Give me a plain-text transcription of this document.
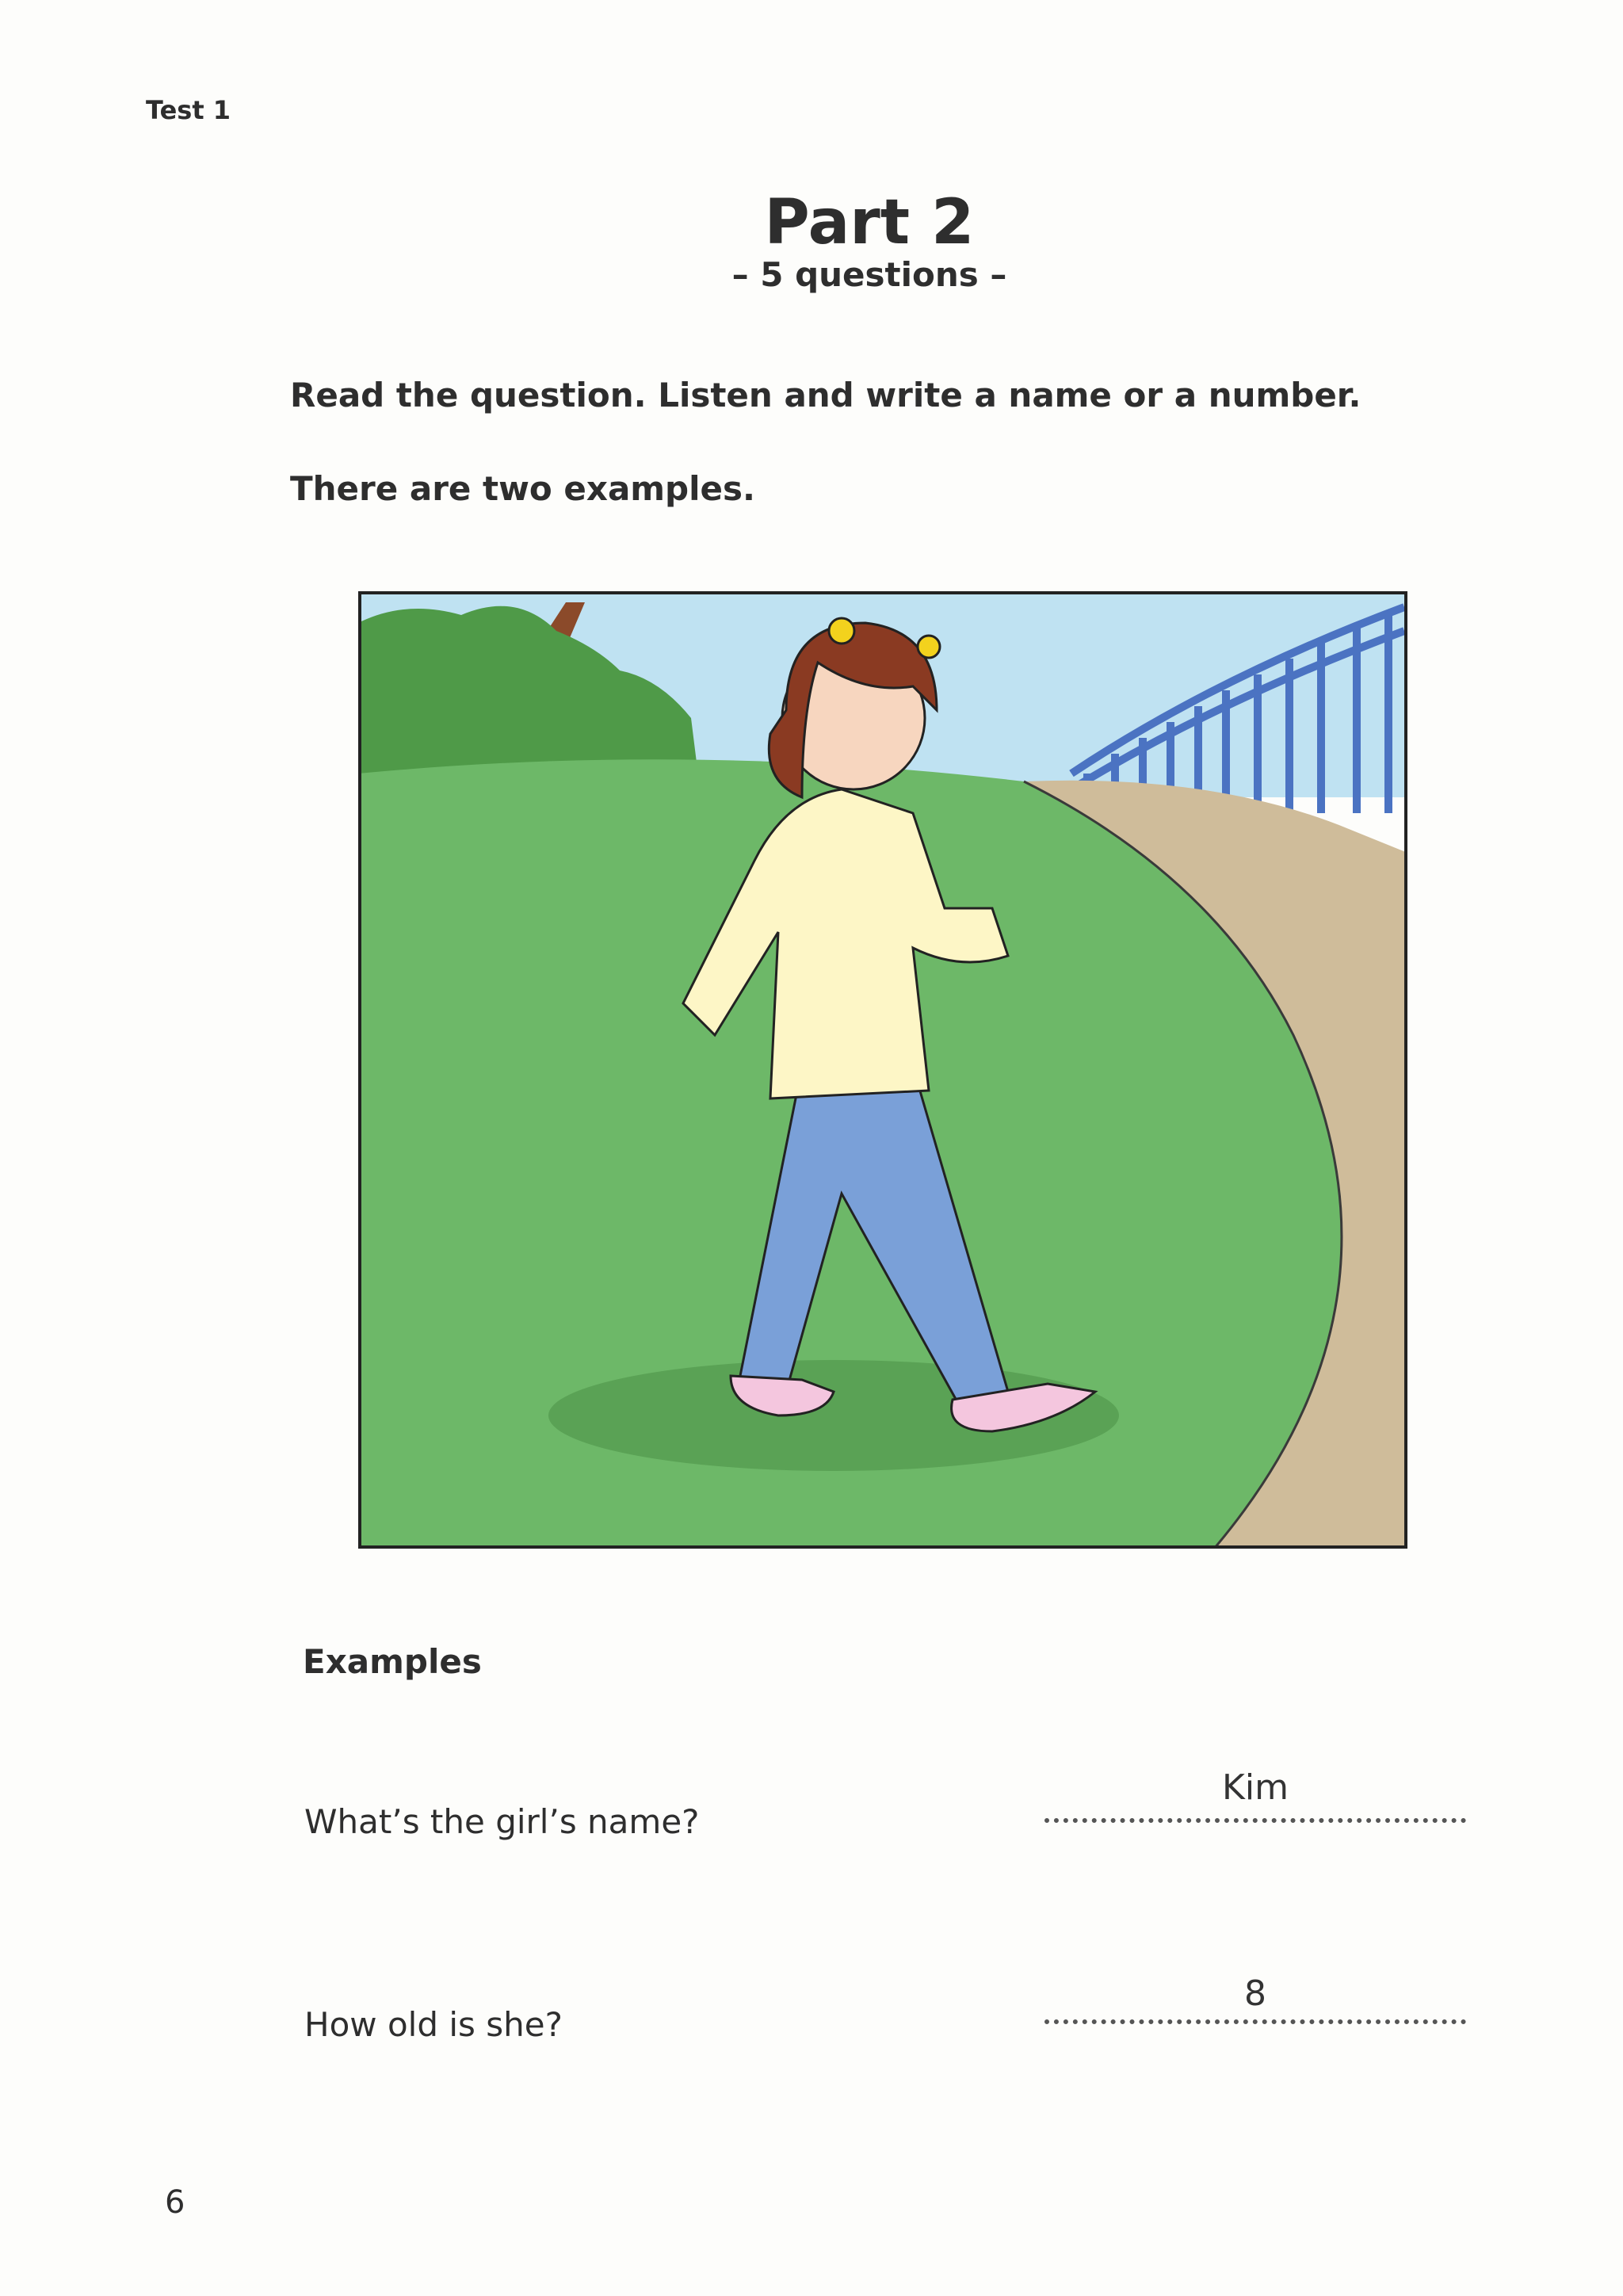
Test 1
Part 2
– 5 questions –
Read the question. Listen and write a name or a number.
There are two examples.
Examples
What’s the girl’s name?
Kim
How old is she?
8
6
